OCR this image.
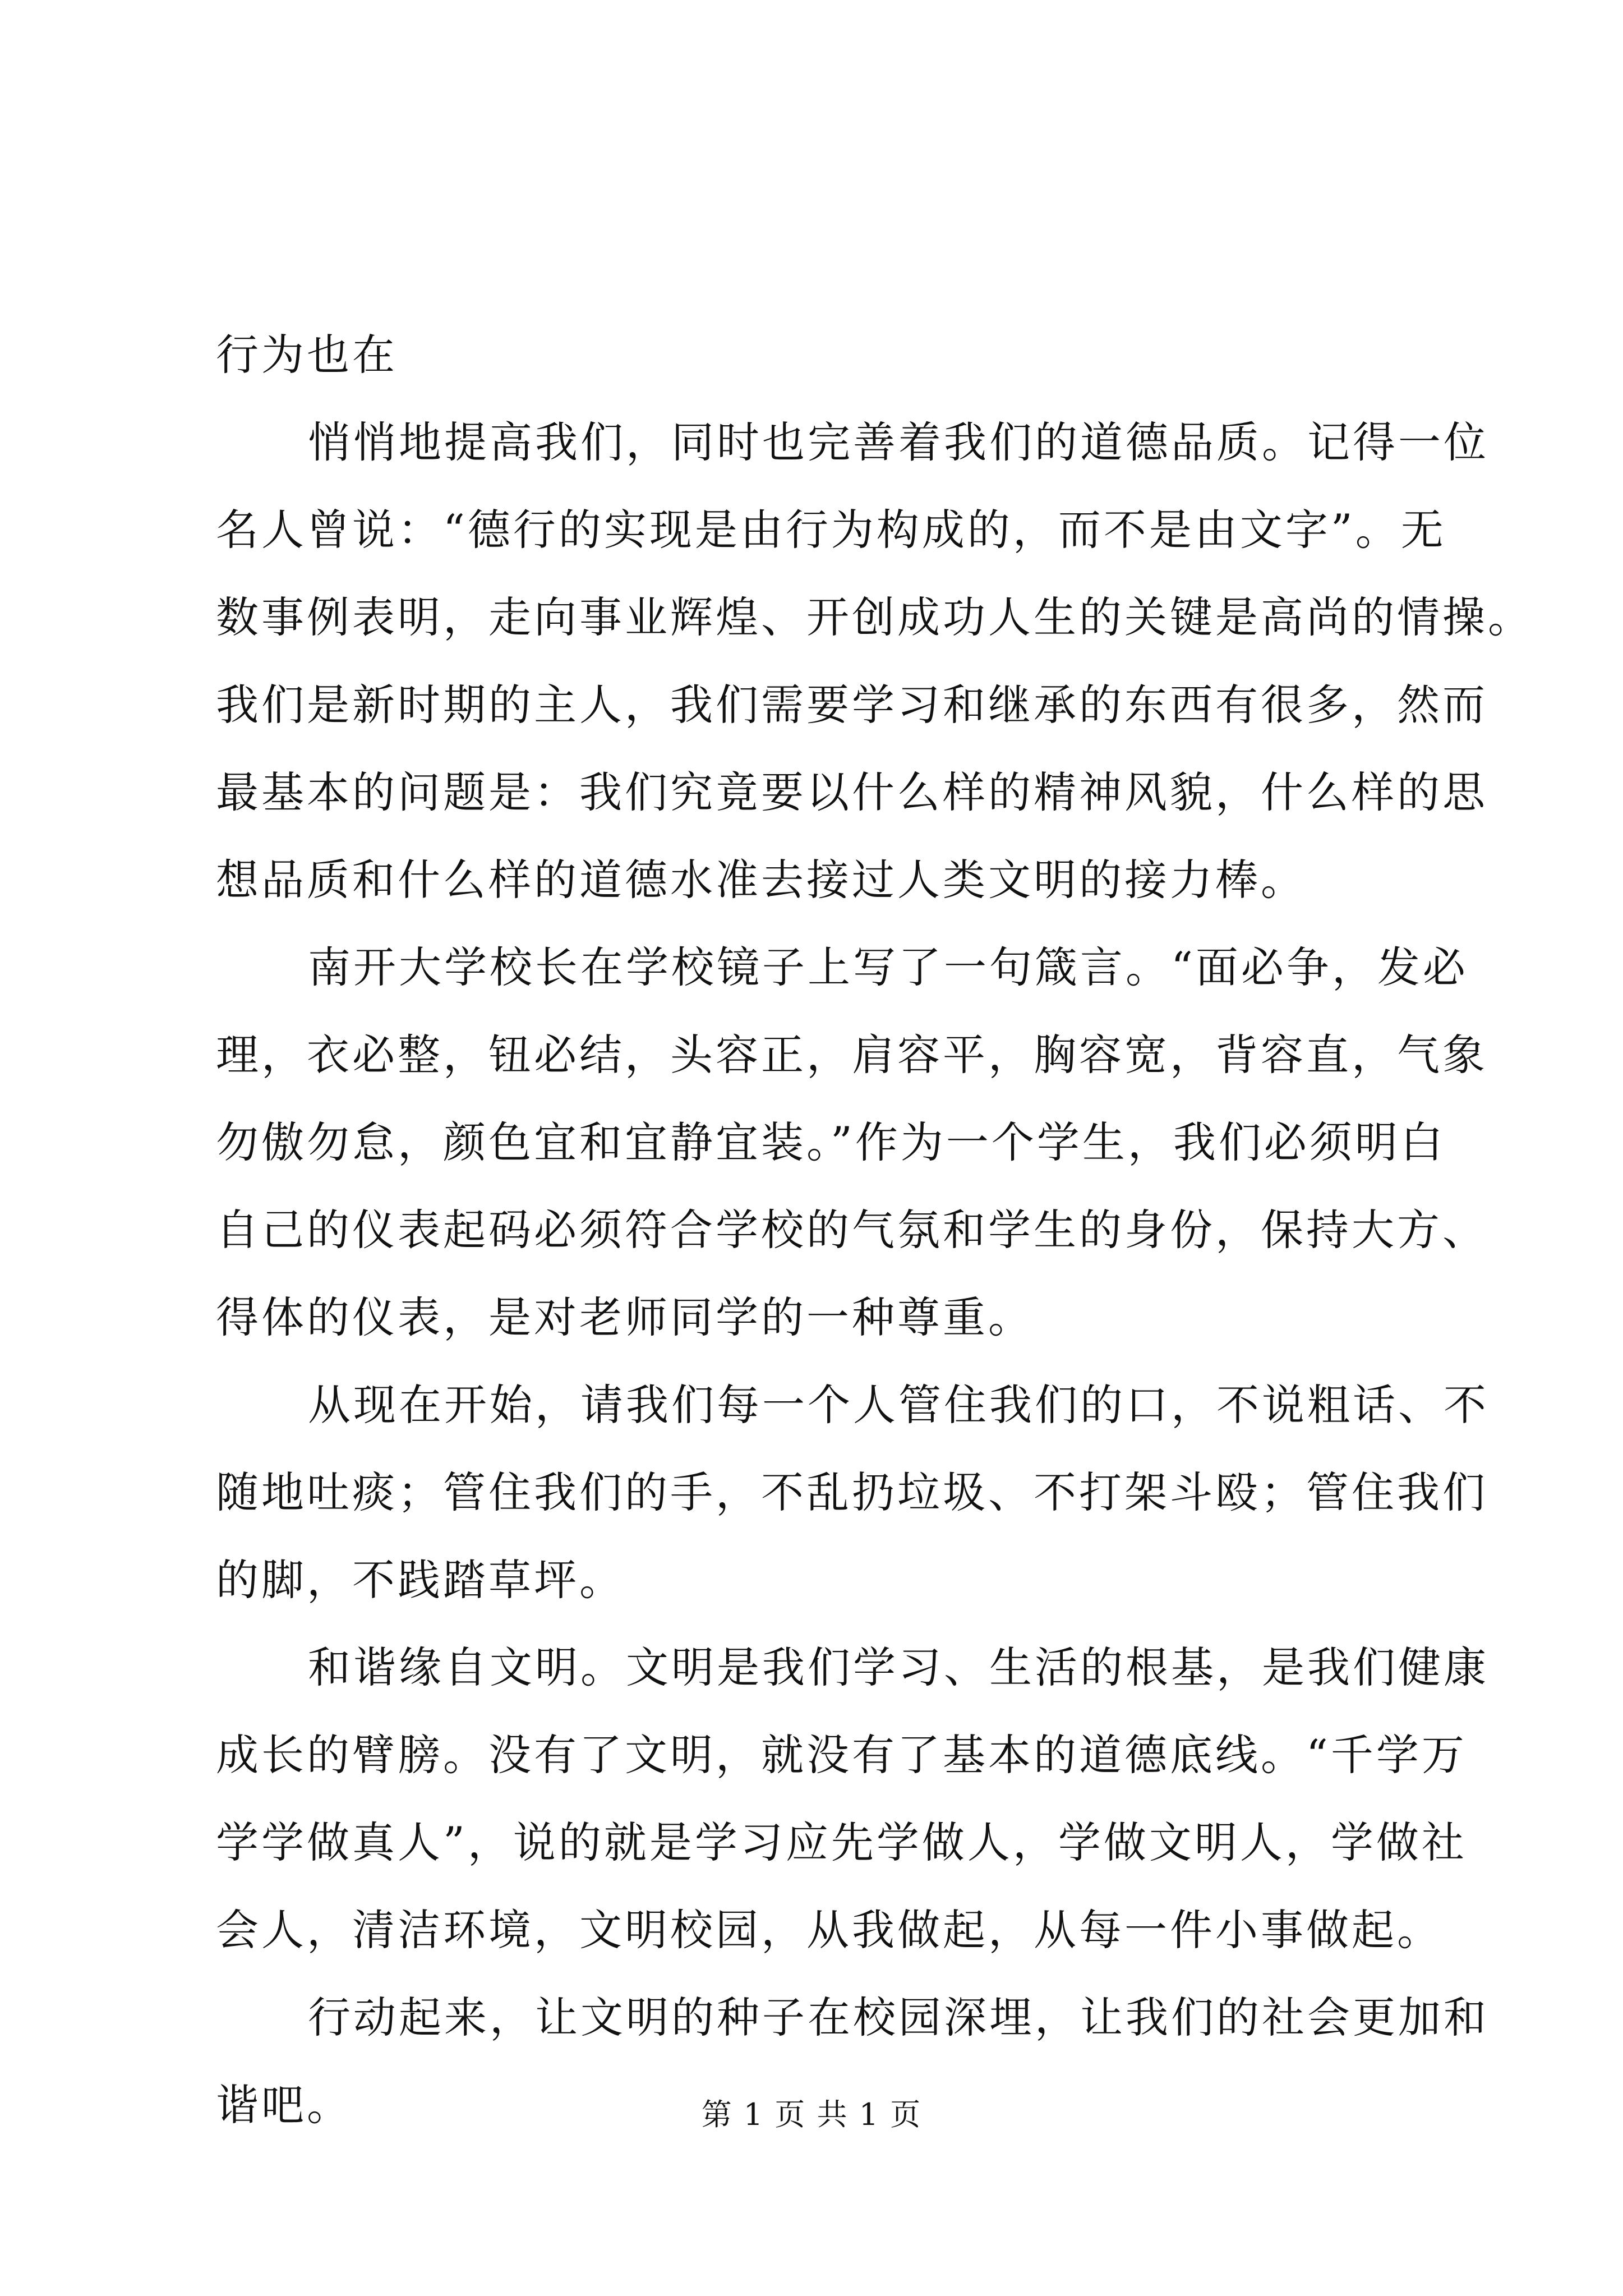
行为也在
悄悄地提高我们，同时也完善着我们的道德品质。记得一位
名人曾说：“德行的实现是由行为构成的，而不是由文字”。无
数事例表明，走向事业辉煌、开创成功人生的关键是高尚的情操。
我们是新时期的主人，我们需要学习和继承的东西有很多，然而
最基本的问题是：我们究竟要以什么样的精神风貌，什么样的思
想品质和什么样的道德水准去接过人类文明的接力棒。
南开大学校长在学校镜子上写了一句箴言。“面必争，发必
理，衣必整，钮必结，头容正，肩容平，胸容宽，背容直，气象
勿傲勿怠，颜色宜和宜静宜装。”作为一个学生，我们必须明白
自己的仪表起码必须符合学校的气氛和学生的身份，保持大方、
得体的仪表，是对老师同学的一种尊重。
从现在开始，请我们每一个人管住我们的口，不说粗话、不
随地吐痰；管住我们的手，不乱扔垃圾、不打架斗殴；管住我们
的脚，不践踏草坪。
和谐缘自文明。文明是我们学习、生活的根基，是我们健康
成长的臂膀。没有了文明，就没有了基本的道德底线。“千学万
学学做真人”，说的就是学习应先学做人，学做文明人，学做社
会人，清洁环境，文明校园，从我做起，从每一件小事做起。
行动起来，让文明的种子在校园深埋，让我们的社会更加和
谐吧。	第 1 页 共 1 页
